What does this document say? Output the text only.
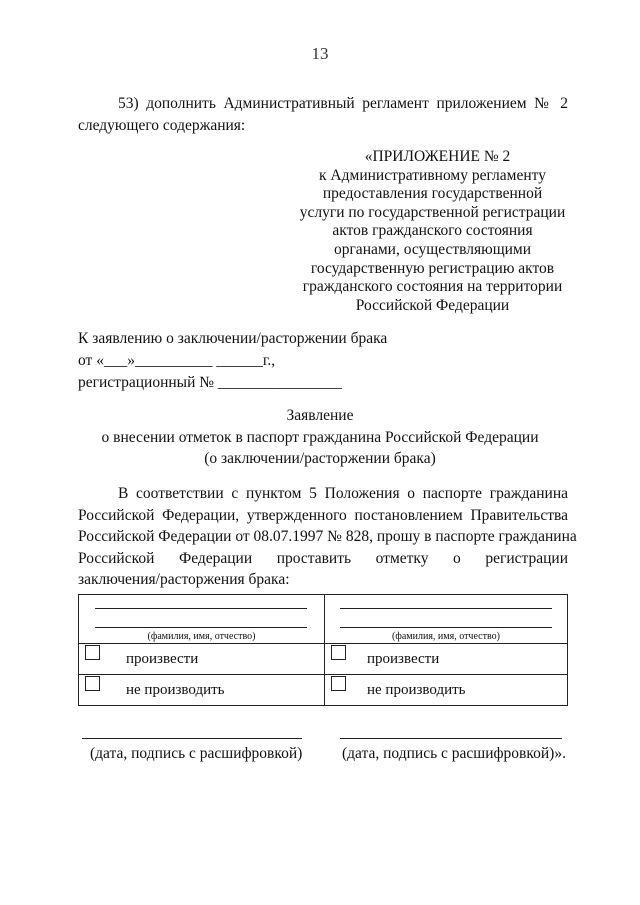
13
53) дополнить Административный регламент приложением № 2
следующего содержания:
«ПРИЛОЖЕНИЕ № 2
к Административному регламенту
предоставления государственной
услуги по государственной регистрации
актов гражданского состояния
органами, осуществляющими
государственную регистрацию актов
гражданского состояния на территории
Российской Федерации
К заявлению о заключении/расторжении брака
от «___»__________ ______г.,
регистрационный № ________________
Заявление
о внесении отметок в паспорт гражданина Российской Федерации
(о заключении/расторжении брака)
В соответствии с пунктом 5 Положения о паспорте гражданина
Российской Федерации, утвержденного постановлением Правительства
Российской Федерации от 08.07.1997 № 828, прошу в паспорте гражданина
Российской Федерации проставить отметку о регистрации
заключения/расторжения брака:
(фамилия, имя, отчество)	(фамилия, имя, отчество)

произвести	произвести

не производить	не производить
(дата, подпись с расшифровкой)	(дата, подпись с расшифровкой)».
